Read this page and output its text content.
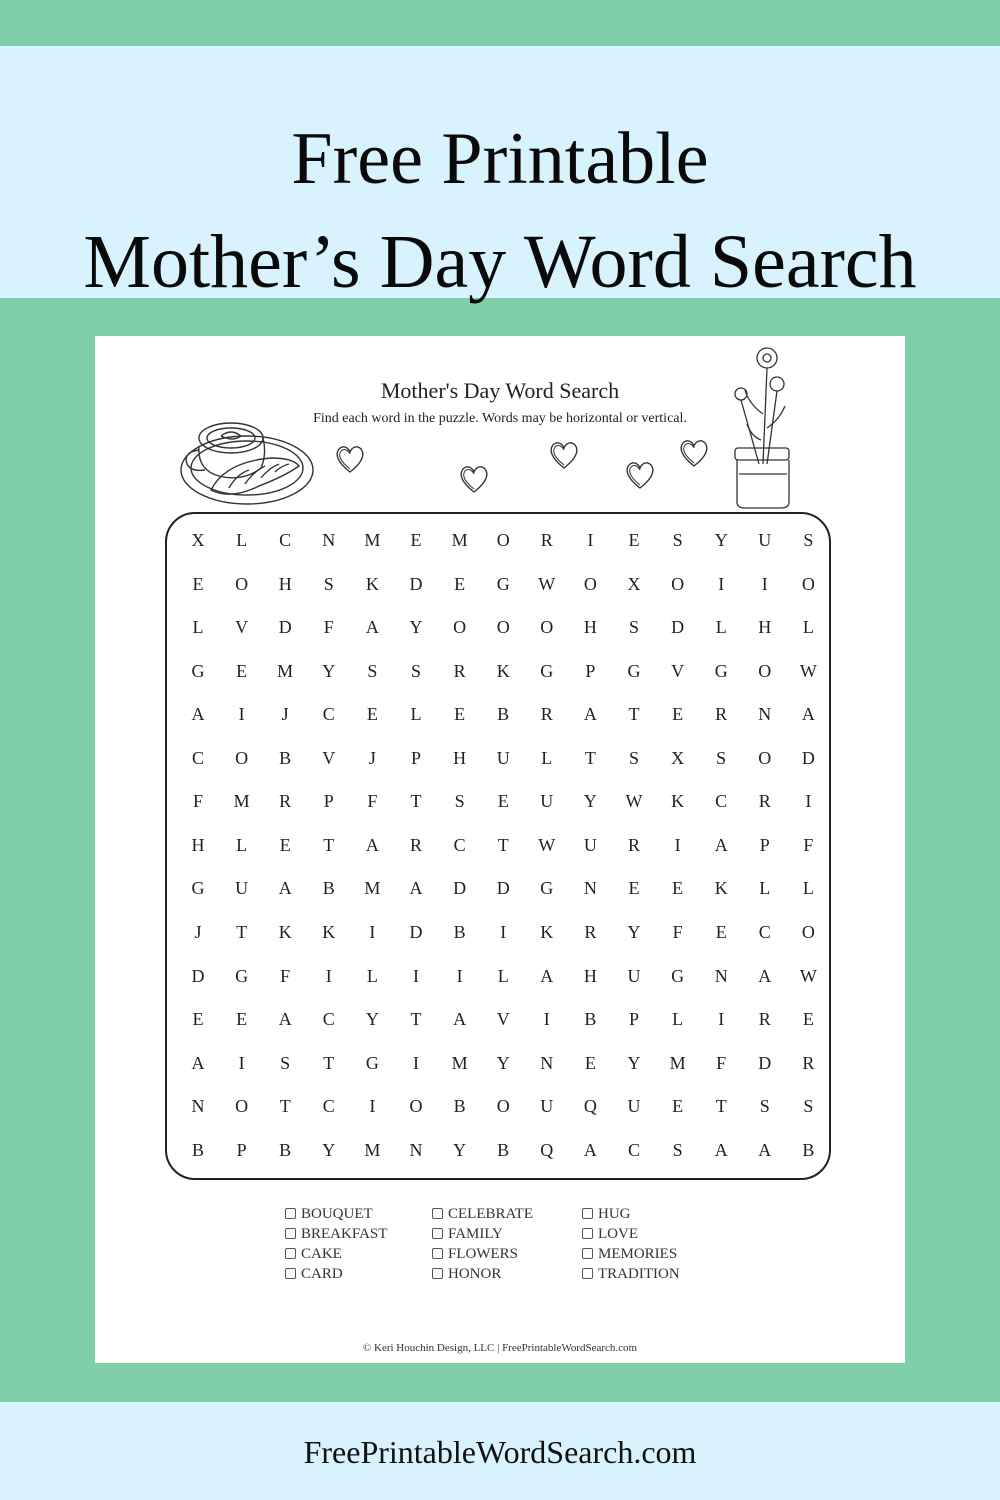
Free Printable
Mother’s Day Word Search
Mother's Day Word Search
Find each word in the puzzle. Words may be horizontal or vertical.
X	L	C	N	M	E	M	O	R	I	E	S	Y	U	S
E	O	H	S	K	D	E	G	W	O	X	O	I	I	O
L	V	D	F	A	Y	O	O	O	H	S	D	L	H	L
G	E	M	Y	S	S	R	K	G	P	G	V	G	O	W
A	I	J	C	E	L	E	B	R	A	T	E	R	N	A
C	O	B	V	J	P	H	U	L	T	S	X	S	O	D
F	M	R	P	F	T	S	E	U	Y	W	K	C	R	I
H	L	E	T	A	R	C	T	W	U	R	I	A	P	F
G	U	A	B	M	A	D	D	G	N	E	E	K	L	L
J	T	K	K	I	D	B	I	K	R	Y	F	E	C	O
D	G	F	I	L	I	I	L	A	H	U	G	N	A	W
E	E	A	C	Y	T	A	V	I	B	P	L	I	R	E
A	I	S	T	G	I	M	Y	N	E	Y	M	F	D	R
N	O	T	C	I	O	B	O	U	Q	U	E	T	S	S
B	P	B	Y	M	N	Y	B	Q	A	C	S	A	A	B
BOUQUET
BREAKFAST
CAKE
CARD
CELEBRATE
FAMILY
FLOWERS
HONOR
HUG
LOVE
MEMORIES
TRADITION
© Keri Houchin Design, LLC | FreePrintableWordSearch.com
FreePrintableWordSearch.com
